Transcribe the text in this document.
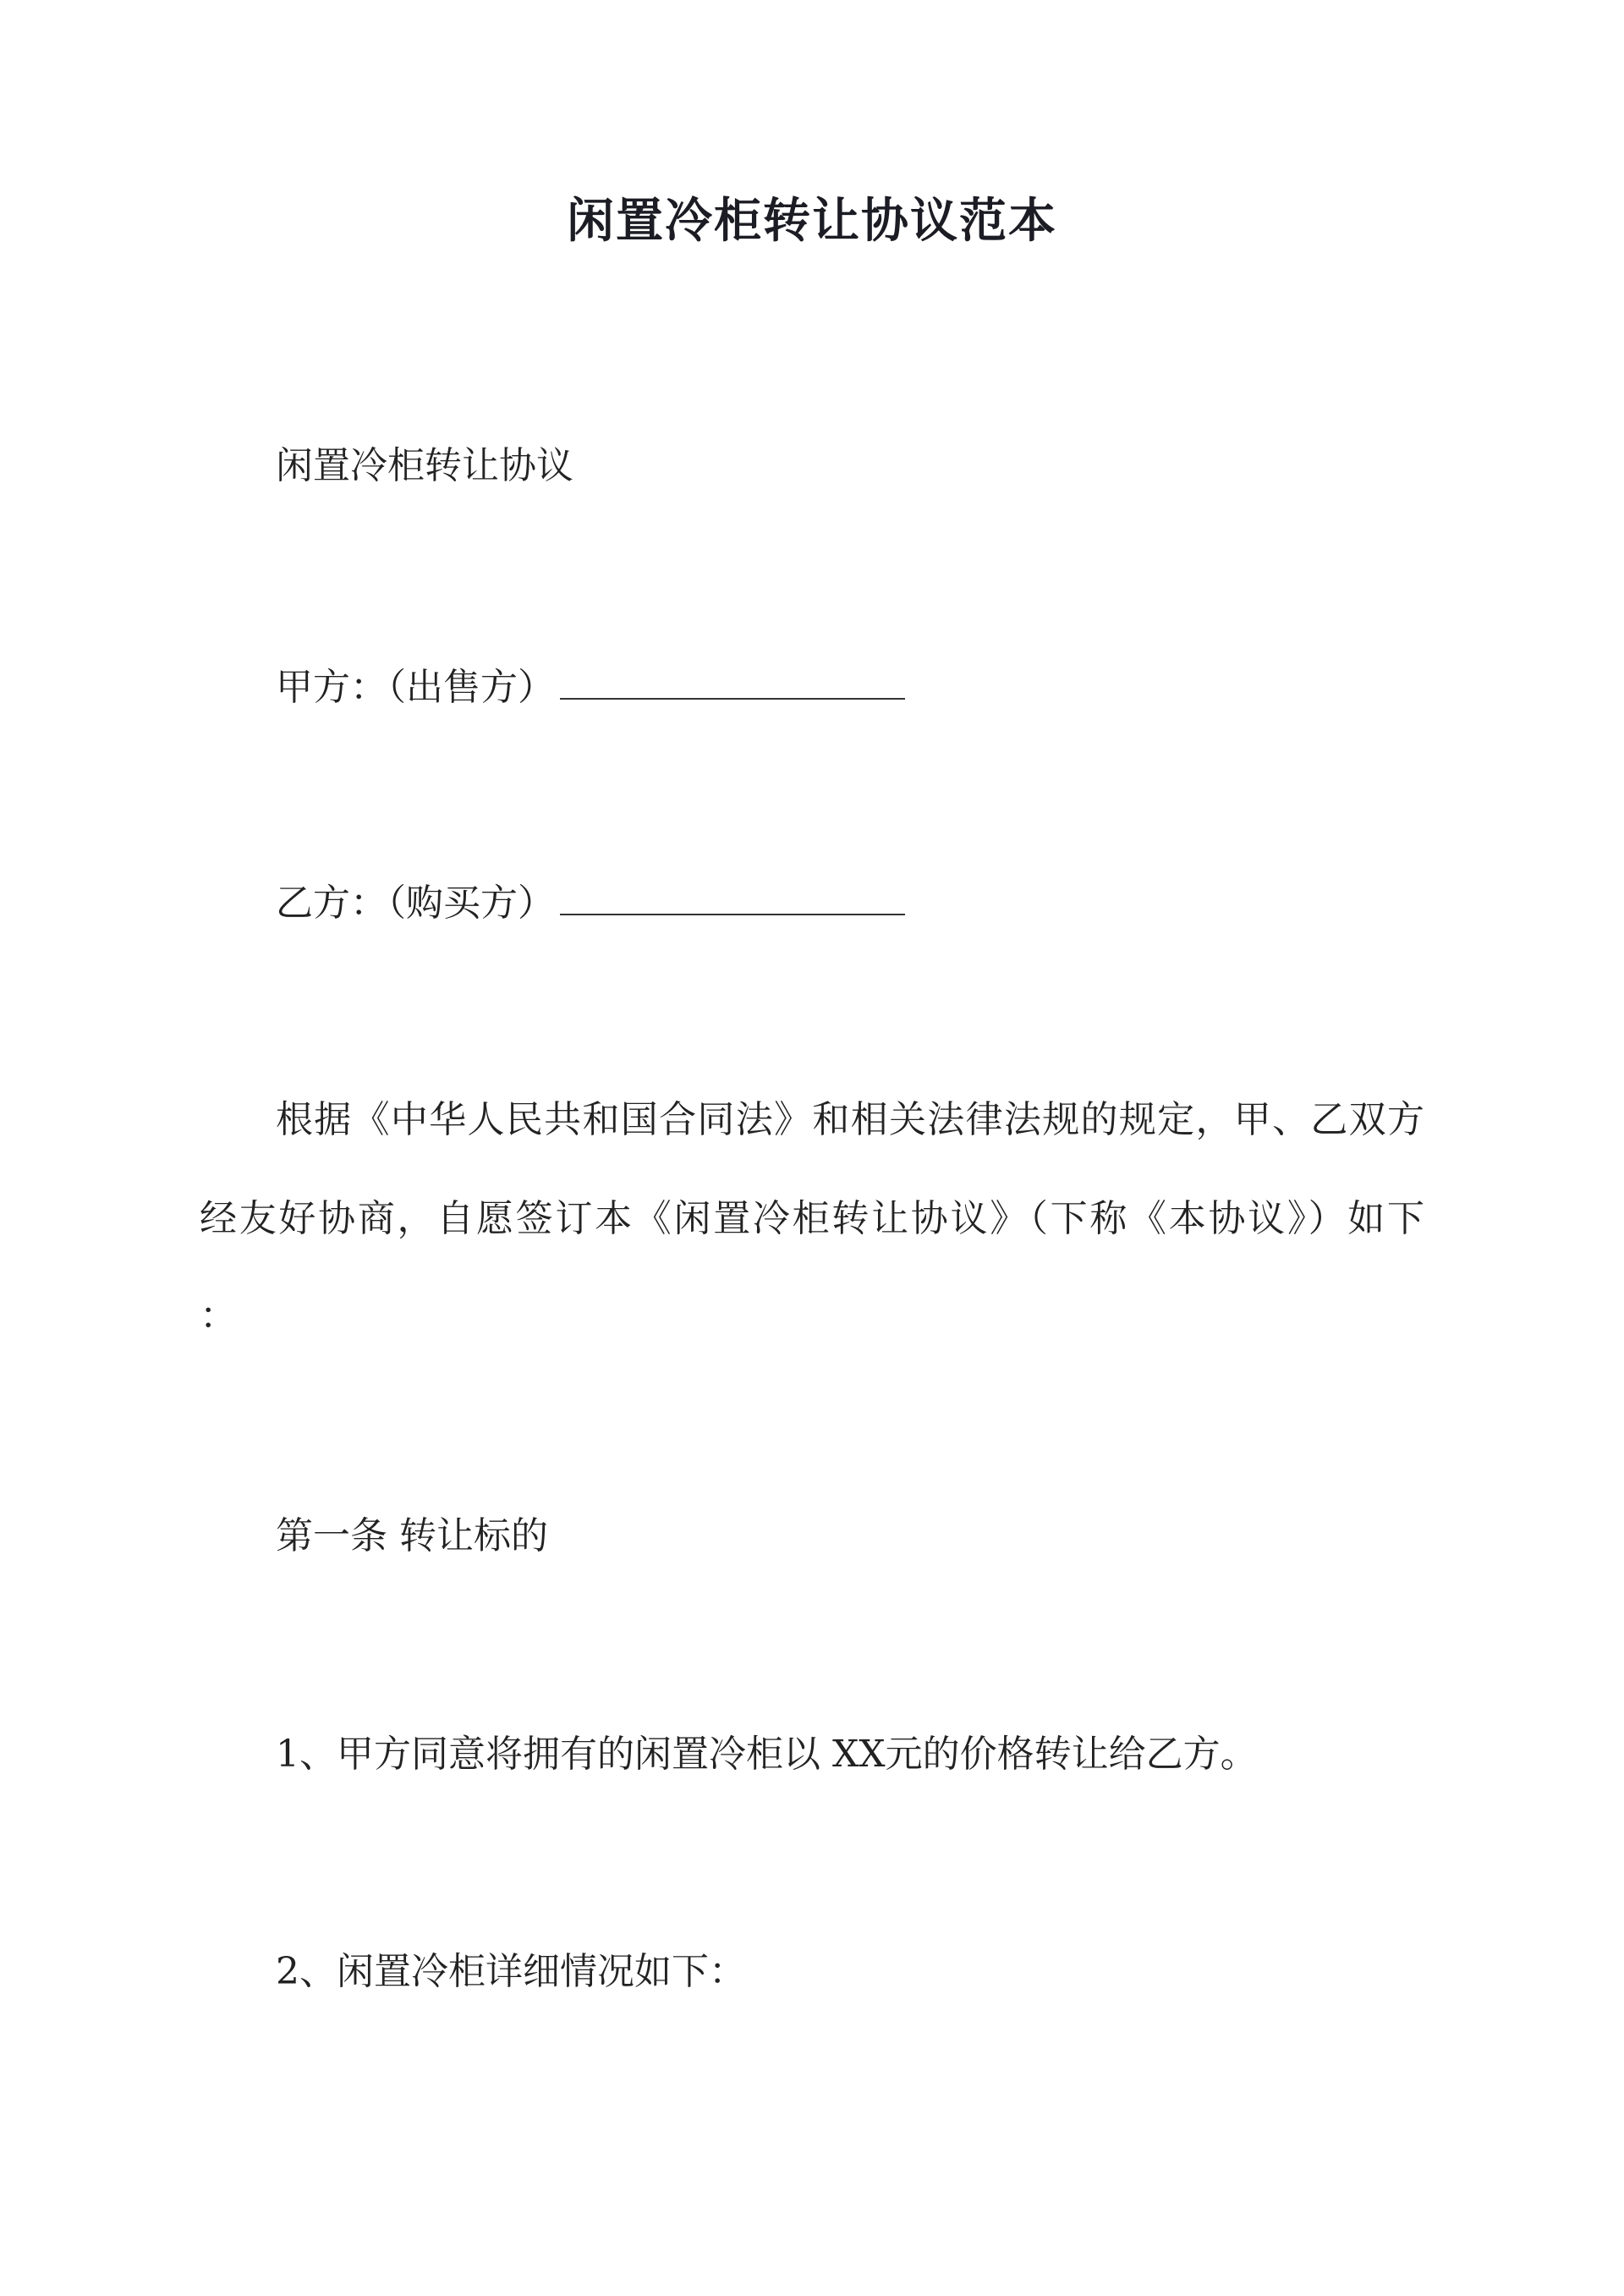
闲置冷柜转让协议范本
闲置冷柜转让协议
甲方：（出售方）
乙方：（购买方）
根据《中华人民共和国合同法》和相关法律法规的规定，甲、乙双方
经友好协商，自愿签订本《闲置冷柜转让协议》（下称《本协议》）如下
：
第一条 转让标的
1、甲方同意将拥有的闲置冷柜以 XX元的价格转让给乙方。
2、闲置冷柜详细情况如下：
